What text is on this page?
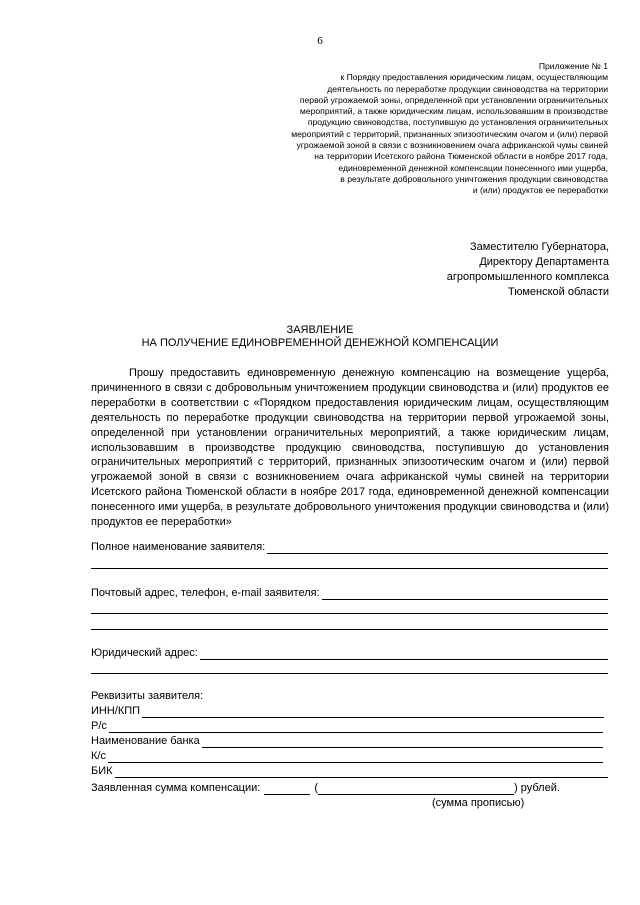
6
Приложение № 1
к Порядку предоставления юридическим лицам, осуществляющим
деятельность по переработке продукции свиноводства на территории
первой угрожаемой зоны, определенной при установлении ограничительных
мероприятий, а также юридическим лицам, использовавшим в производстве
продукцию свиноводства, поступившую до установления ограничительных
мероприятий с территорий, признанных эпизоотическим очагом и (или) первой
угрожаемой зоной в связи с возникновением очага африканской чумы свиней
на территории Исетского района Тюменской области в ноябре 2017 года,
единовременной денежной компенсации понесенного ими ущерба,
в результате добровольного уничтожения продукции свиноводства
и (или) продуктов ее переработки
Заместителю Губернатора,
Директору Департамента
агропромышленного комплекса
Тюменской области
ЗАЯВЛЕНИЕ
НА ПОЛУЧЕНИЕ ЕДИНОВРЕМЕННОЙ ДЕНЕЖНОЙ КОМПЕНСАЦИИ
Прошу предоставить единовременную денежную компенсацию на возмещение ущерба, причиненного в связи с добровольным уничтожением продукции свиноводства и (или) продуктов ее переработки в соответствии с «Порядком предоставления юридическим лицам, осуществляющим деятельность по переработке продукции свиноводства на территории первой угрожаемой зоны, определенной при установлении ограничительных мероприятий, а также юридическим лицам, использовавшим в производстве продукцию свиноводства, поступившую до установления ограничительных мероприятий с территорий, признанных эпизоотическим очагом и (или) первой угрожаемой зоной в связи с возникновением очага африканской чумы свиней на территории Исетского района Тюменской области в ноябре 2017 года, единовременной денежной компенсации понесенного ими ущерба, в результате добровольного уничтожения продукции свиноводства и (или) продуктов ее переработки»
Полное наименование заявителя:
Почтовый адрес, телефон, e-mail заявителя:
Юридический адрес:
Реквизиты заявителя:
ИНН/КПП
Р/с
Наименование банка
К/с
БИК
Заявленная сумма компенсации:	(	) рублей.
(сумма прописью)
